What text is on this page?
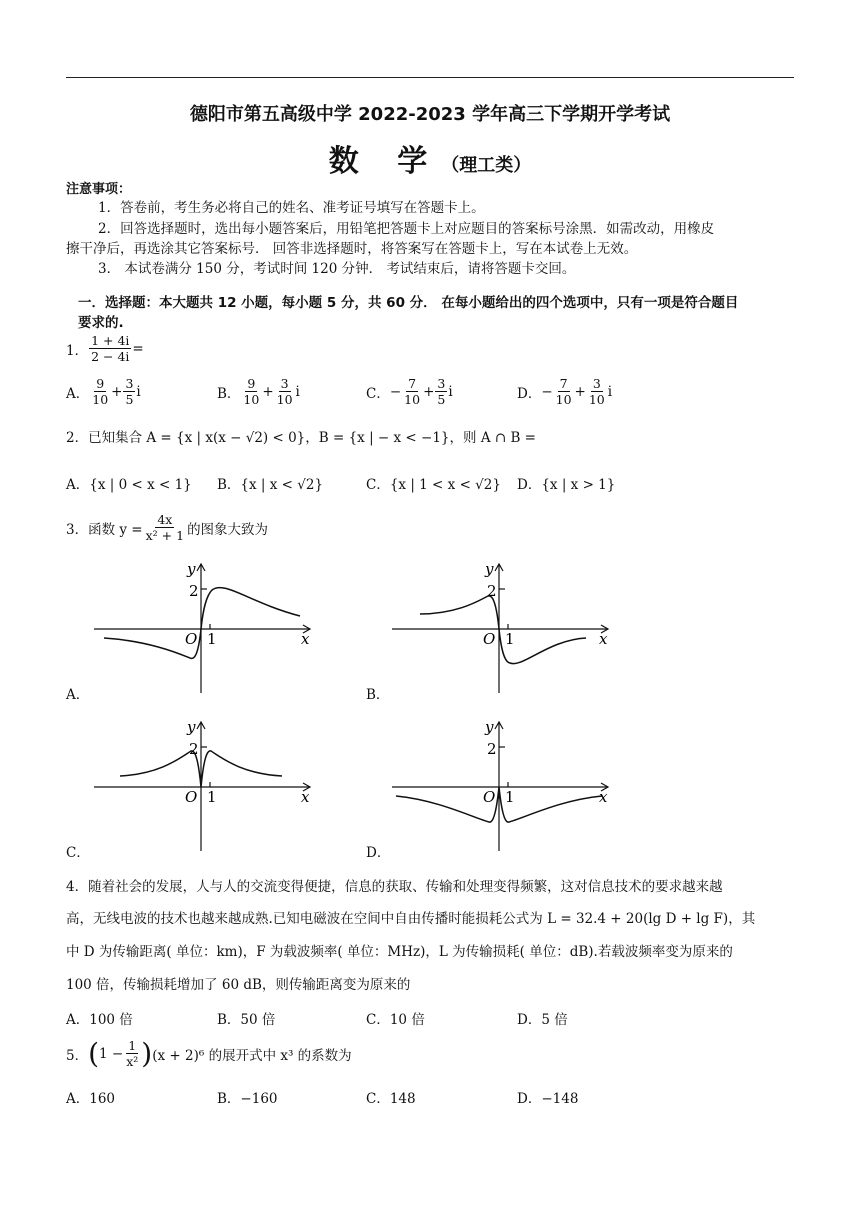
德阳市第五高级中学 2022-2023 学年高三下学期开学考试
数 学（理工类）
注意事项：
1．答卷前，考生务必将自己的姓名、准考证号填写在答题卡上。
2．回答选择题时，选出每小题答案后，用铅笔把答题卡上对应题目的答案标号涂黑．如需改动，用橡皮
擦干净后，再选涂其它答案标号． 回答非选择题时，将答案写在答题卡上，写在本试卷上无效。
3． 本试卷满分 150 分，考试时间 120 分钟． 考试结束后，请将答题卡交回。
一．选择题：本大题共 12 小题，每小题 5 分，共 60 分． 在每小题给出的四个选项中，只有一项是符合题目
要求的.
1． $\frac{1 + 4i}{2 - 4i}$ =
A． $\frac{9}{10} + \frac{3}{5}$ i	B． $\frac{9}{10} + \frac{3}{10}$ i	C． − $\frac{7}{10} + \frac{3}{5}$ i	D． − $\frac{7}{10} + \frac{3}{10}$ i
2．已知集合 A = {x | x(x − √2) < 0}，B = {x | − x < −1}，则 A ∩ B =
A．{x | 0 < x < 1} B．{x | x < √2}	C．{x | 1 < x < √2} D．{x | x > 1}
3．函数 $y = \frac{4x}{\text{x² + 1}}$ 的图象大致为
y
2
O 1	x
A．
y
2
O 1	x
B．
y
2
O 1	x
C．
y
2
O 1	x
D．
4．随着社会的发展，人与人的交流变得便捷，信息的获取、传输和处理变得频繁，这对信息技术的要求越来越
高，无线电波的技术也越来越成熟.已知电磁波在空间中自由传播时能损耗公式为 L = 32.4 + 20(lg D + lg F)，其
中 D 为传输距离( 单位：km)，F 为载波频率( 单位：MHz)，L 为传输损耗( 单位：dB).若载波频率变为原来的
100 倍，传输损耗增加了 60 dB，则传输距离变为原来的
A．100 倍	B．50 倍	C．10 倍	D．5 倍
5． ( $1 - \frac{1}{\text{x²}}$ ) (x + 2)⁶ 的展开式中 x³ 的系数为
A．160	B．−160	C．148	D．−148
